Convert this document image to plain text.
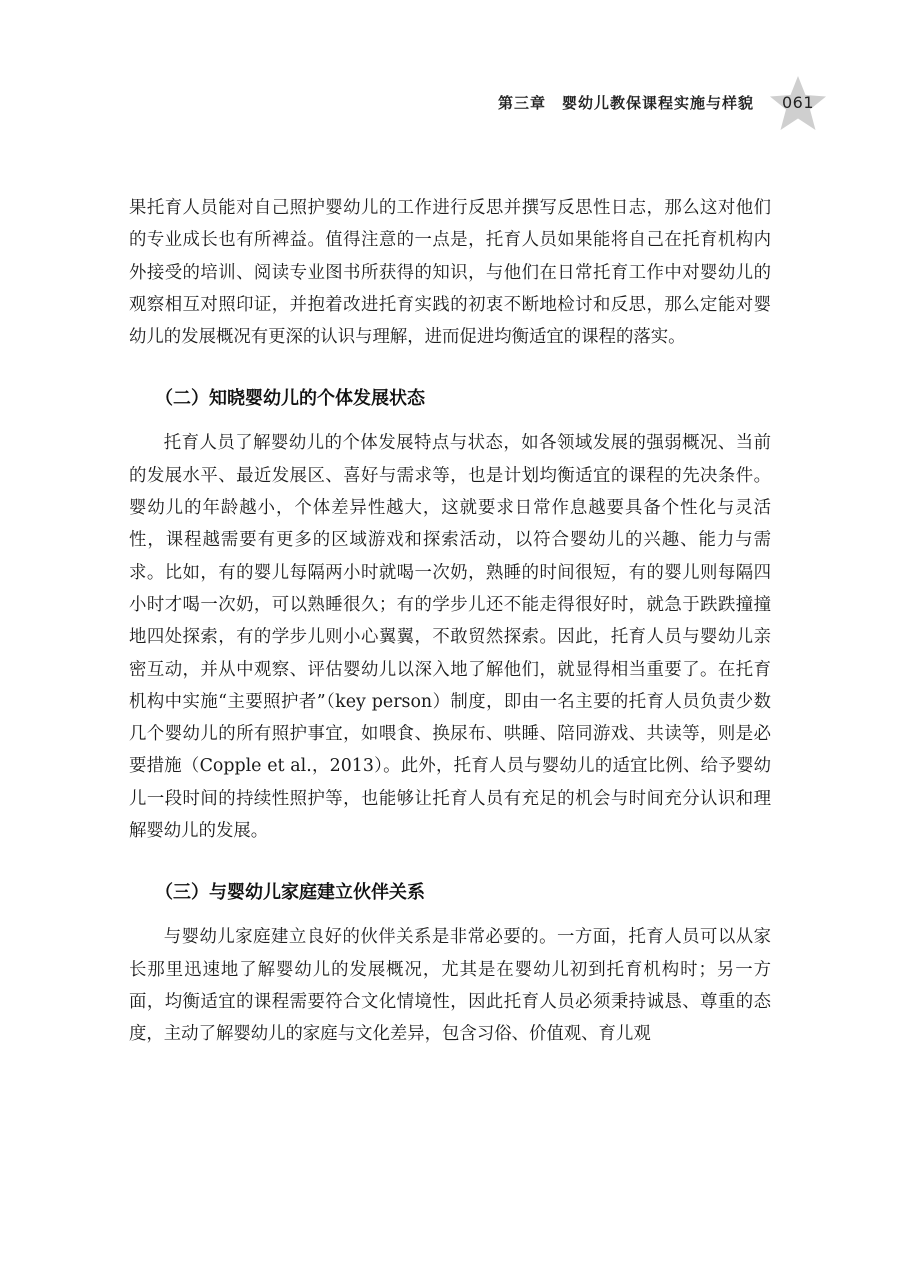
第三章　婴幼儿教保课程实施与样貌	061

果托育人员能对自己照护婴幼儿的工作进行反思并撰写反思性日志，那么这对他们的专业成长也有所裨益。值得注意的一点是，托育人员如果能将自己在托育机构内外接受的培训、阅读专业图书所获得的知识，与他们在日常托育工作中对婴幼儿的观察相互对照印证，并抱着改进托育实践的初衷不断地检讨和反思，那么定能对婴幼儿的发展概况有更深的认识与理解，进而促进均衡适宜的课程的落实。

（二）知晓婴幼儿的个体发展状态

托育人员了解婴幼儿的个体发展特点与状态，如各领域发展的强弱概况、当前的发展水平、最近发展区、喜好与需求等，也是计划均衡适宜的课程的先决条件。婴幼儿的年龄越小，个体差异性越大，这就要求日常作息越要具备个性化与灵活性，课程越需要有更多的区域游戏和探索活动，以符合婴幼儿的兴趣、能力与需求。比如，有的婴儿每隔两小时就喝一次奶，熟睡的时间很短，有的婴儿则每隔四小时才喝一次奶，可以熟睡很久；有的学步儿还不能走得很好时，就急于跌跌撞撞地四处探索，有的学步儿则小心翼翼，不敢贸然探索。因此，托育人员与婴幼儿亲密互动，并从中观察、评估婴幼儿以深入地了解他们，就显得相当重要了。在托育机构中实施“主要照护者”（key person）制度，即由一名主要的托育人员负责少数几个婴幼儿的所有照护事宜，如喂食、换尿布、哄睡、陪同游戏、共读等，则是必要措施（Copple et al.，2013）。此外，托育人员与婴幼儿的适宜比例、给予婴幼儿一段时间的持续性照护等，也能够让托育人员有充足的机会与时间充分认识和理解婴幼儿的发展。

（三）与婴幼儿家庭建立伙伴关系

与婴幼儿家庭建立良好的伙伴关系是非常必要的。一方面，托育人员可以从家长那里迅速地了解婴幼儿的发展概况，尤其是在婴幼儿初到托育机构时；另一方面，均衡适宜的课程需要符合文化情境性，因此托育人员必须秉持诚恳、尊重的态度，主动了解婴幼儿的家庭与文化差异，包含习俗、价值观、育儿观
